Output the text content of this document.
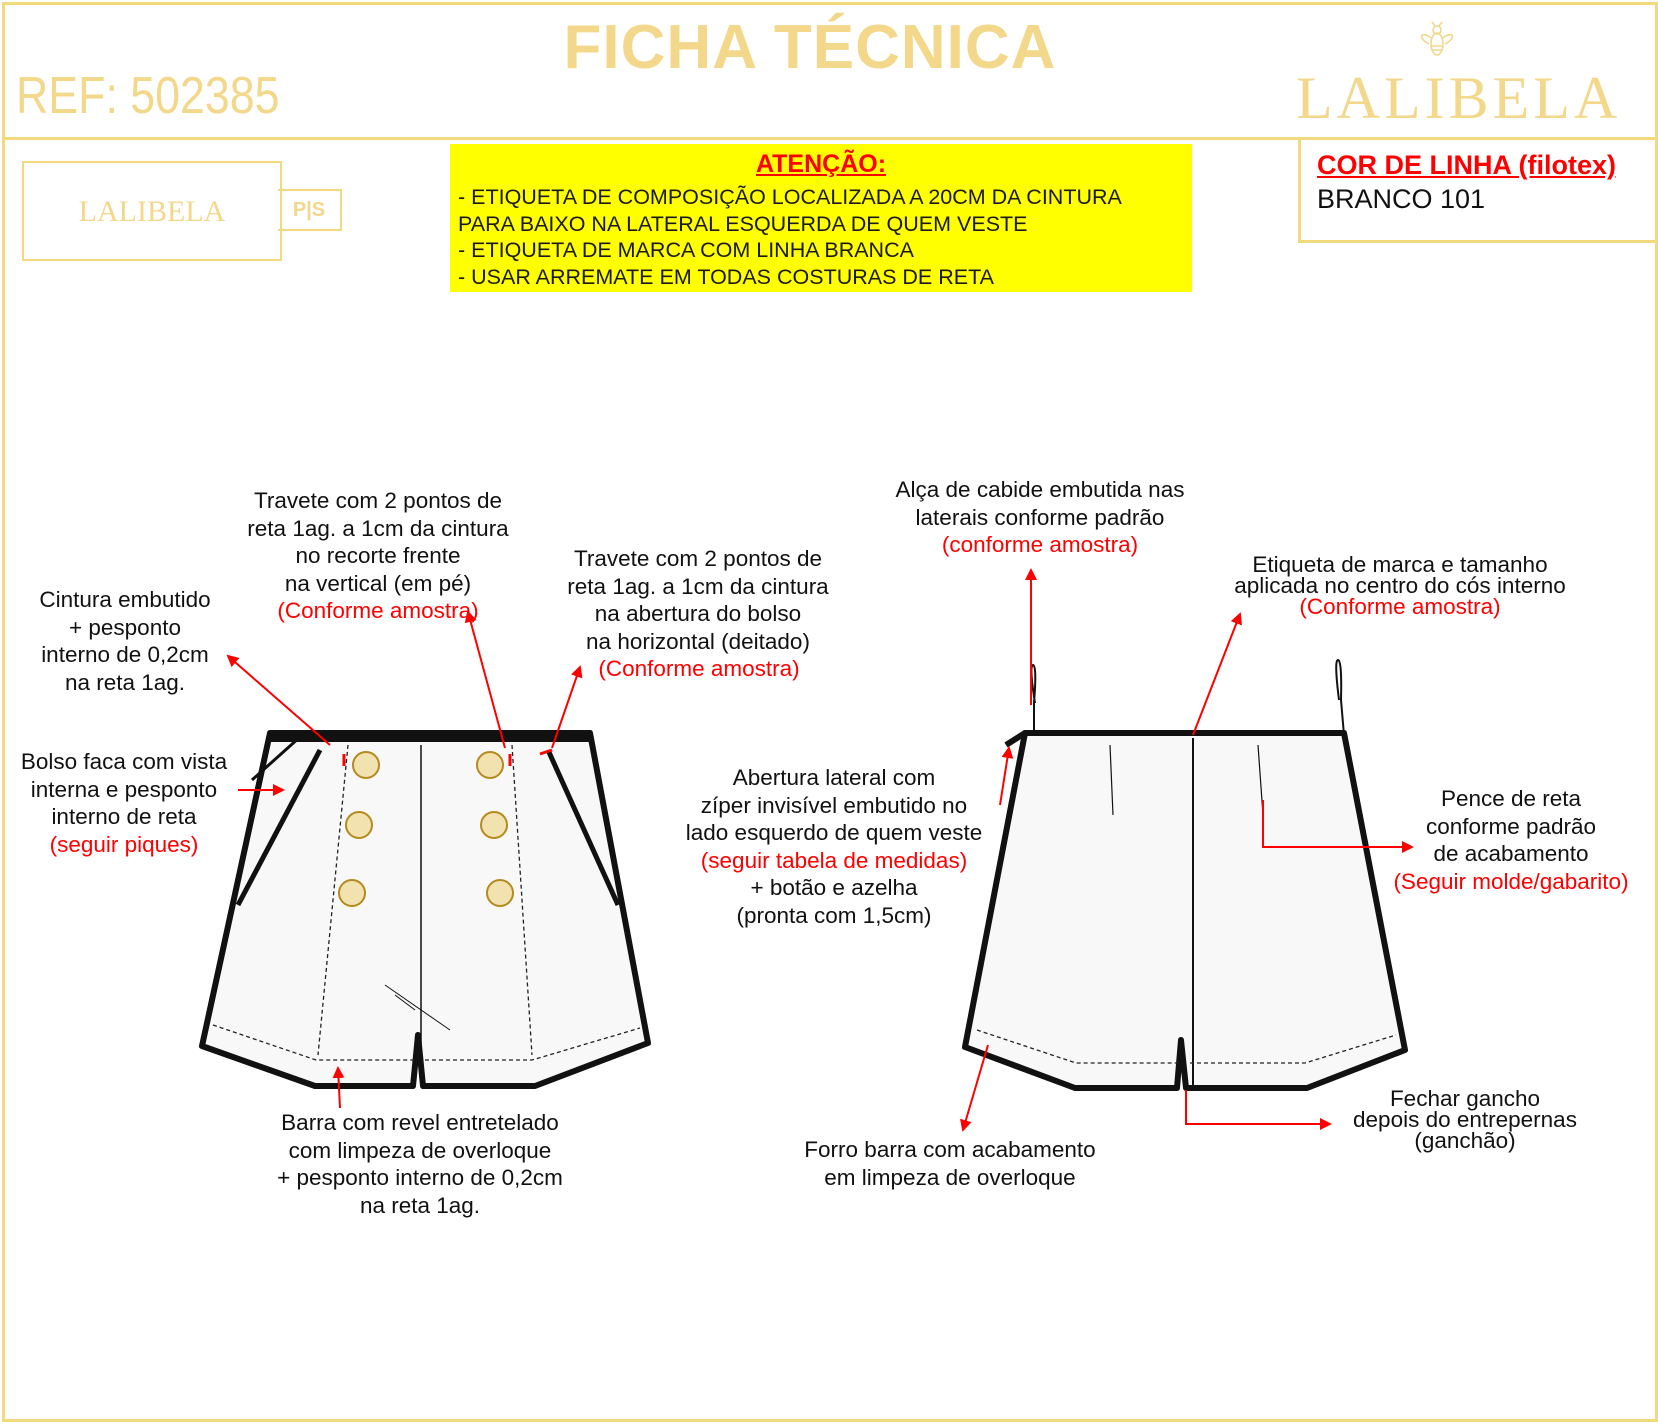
FICHA TÉCNICA
REF: 502385	LALIBELA
LALIBELA	P|S
ATENÇÃO:
- ETIQUETA DE COMPOSIÇÃO LOCALIZADA A 20CM DA CINTURA
PARA BAIXO NA LATERAL ESQUERDA DE QUEM VESTE
- ETIQUETA DE MARCA COM LINHA BRANCA
- USAR ARREMATE EM TODAS COSTURAS DE RETA
COR DE LINHA (filotex)
BRANCO 101
Cintura embutido
+ pesponto
interno de 0,2cm
na reta 1ag.
Travete com 2 pontos de
reta 1ag. a 1cm da cintura
no recorte frente
na vertical (em pé)
(Conforme amostra)
Travete com 2 pontos de
reta 1ag. a 1cm da cintura
na abertura do bolso
na horizontal (deitado)
(Conforme amostra)
Bolso faca com vista
interna e pesponto
interno de reta
(seguir piques)
Barra com revel entretelado
com limpeza de overloque
+ pesponto interno de 0,2cm
na reta 1ag.
Alça de cabide embutida nas
laterais conforme padrão
(conforme amostra)
Etiqueta de marca e tamanho
aplicada no centro do cós interno
(Conforme amostra)
Abertura lateral com
zíper invisível embutido no
lado esquerdo de quem veste
(seguir tabela de medidas)
+ botão e azelha
(pronta com 1,5cm)
Pence de reta
conforme padrão
de acabamento
(Seguir molde/gabarito)
Forro barra com acabamento
em limpeza de overloque
Fechar gancho
depois do entrepernas
(ganchão)
